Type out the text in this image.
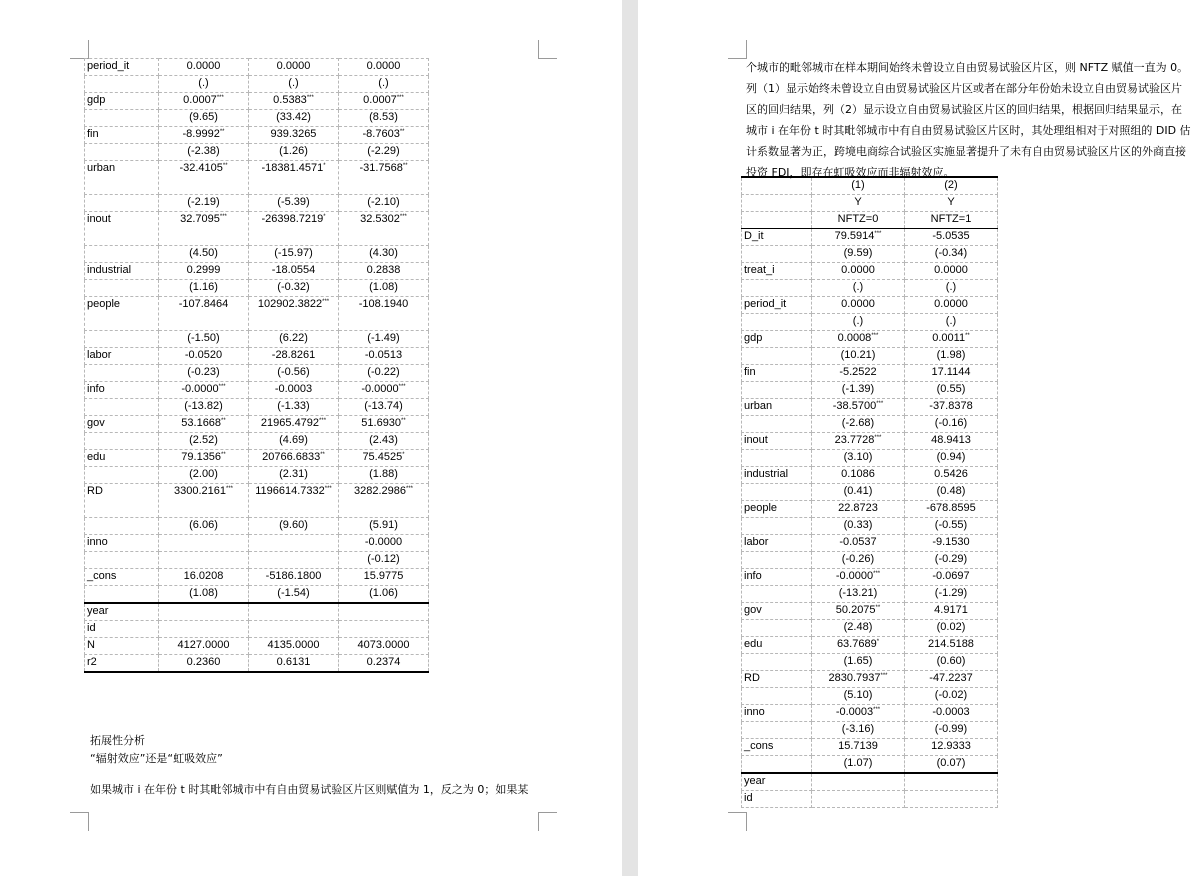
period_it	0.0000	0.0000	0.0000
	(.)	(.)	(.)
gdp	0.0007***	0.5383***	0.0007***
	(9.65)	(33.42)	(8.53)
fin	-8.9992**	939.3265	-8.7603**
	(-2.38)	(1.26)	(-2.29)
urban	-32.4105**	-18381.4571*	-31.7568**
	(-2.19)	(-5.39)	(-2.10)
inout	32.7095***	-26398.7219*	32.5302***
	(4.50)	(-15.97)	(4.30)
industrial	0.2999	-18.0554	0.2838
	(1.16)	(-0.32)	(1.08)
people	-107.8464	102902.3822***	-108.1940
	(-1.50)	(6.22)	(-1.49)
labor	-0.0520	-28.8261	-0.0513
	(-0.23)	(-0.56)	(-0.22)
info	-0.0000***	-0.0003	-0.0000***
	(-13.82)	(-1.33)	(-13.74)
gov	53.1668**	21965.4792***	51.6930**
	(2.52)	(4.69)	(2.43)
edu	79.1356**	20766.6833**	75.4525*
	(2.00)	(2.31)	(1.88)
RD	3300.2161***	1196614.7332***	3282.2986***
	(6.06)	(9.60)	(5.91)
inno			-0.0000
			(-0.12)
_cons	16.0208	-5186.1800	15.9775
	(1.08)	(-1.54)	(1.06)
year			
id			
N	4127.0000	4135.0000	4073.0000
r2	0.2360	0.6131	0.2374
拓展性分析
“辐射效应”还是“虹吸效应”
如果城市 i 在年份 t 时其毗邻城市中有自由贸易试验区片区则赋值为 1，反之为 0；如果某
个城市的毗邻城市在样本期间始终未曾设立自由贸易试验区片区，则 NFTZ 赋值一直为 0。
列（1）显示始终未曾设立自由贸易试验区片区或者在部分年份始未设立自由贸易试验区片
区的回归结果，列（2）显示设立自由贸易试验区片区的回归结果，根据回归结果显示，在
城市 i 在年份 t 时其毗邻城市中有自由贸易试验区片区时，其处理组相对于对照组的 DID 估
计系数显著为正，跨境电商综合试验区实施显著提升了未有自由贸易试验区片区的外商直接
投资 FDI，即存在虹吸效应而非辐射效应。
	(1)	(2)
	Y	Y
	NFTZ=0	NFTZ=1
D_it	79.5914***	-5.0535
	(9.59)	(-0.34)
treat_i	0.0000	0.0000
	(.)	(.)
period_it	0.0000	0.0000
	(.)	(.)
gdp	0.0008***	0.0011**
	(10.21)	(1.98)
fin	-5.2522	17.1144
	(-1.39)	(0.55)
urban	-38.5700***	-37.8378
	(-2.68)	(-0.16)
inout	23.7728***	48.9413
	(3.10)	(0.94)
industrial	0.1086	0.5426
	(0.41)	(0.48)
people	22.8723	-678.8595
	(0.33)	(-0.55)
labor	-0.0537	-9.1530
	(-0.26)	(-0.29)
info	-0.0000***	-0.0697
	(-13.21)	(-1.29)
gov	50.2075**	4.9171
	(2.48)	(0.02)
edu	63.7689*	214.5188
	(1.65)	(0.60)
RD	2830.7937***	-47.2237
	(5.10)	(-0.02)
inno	-0.0003***	-0.0003
	(-3.16)	(-0.99)
_cons	15.7139	12.9333
	(1.07)	(0.07)
year		
id		
